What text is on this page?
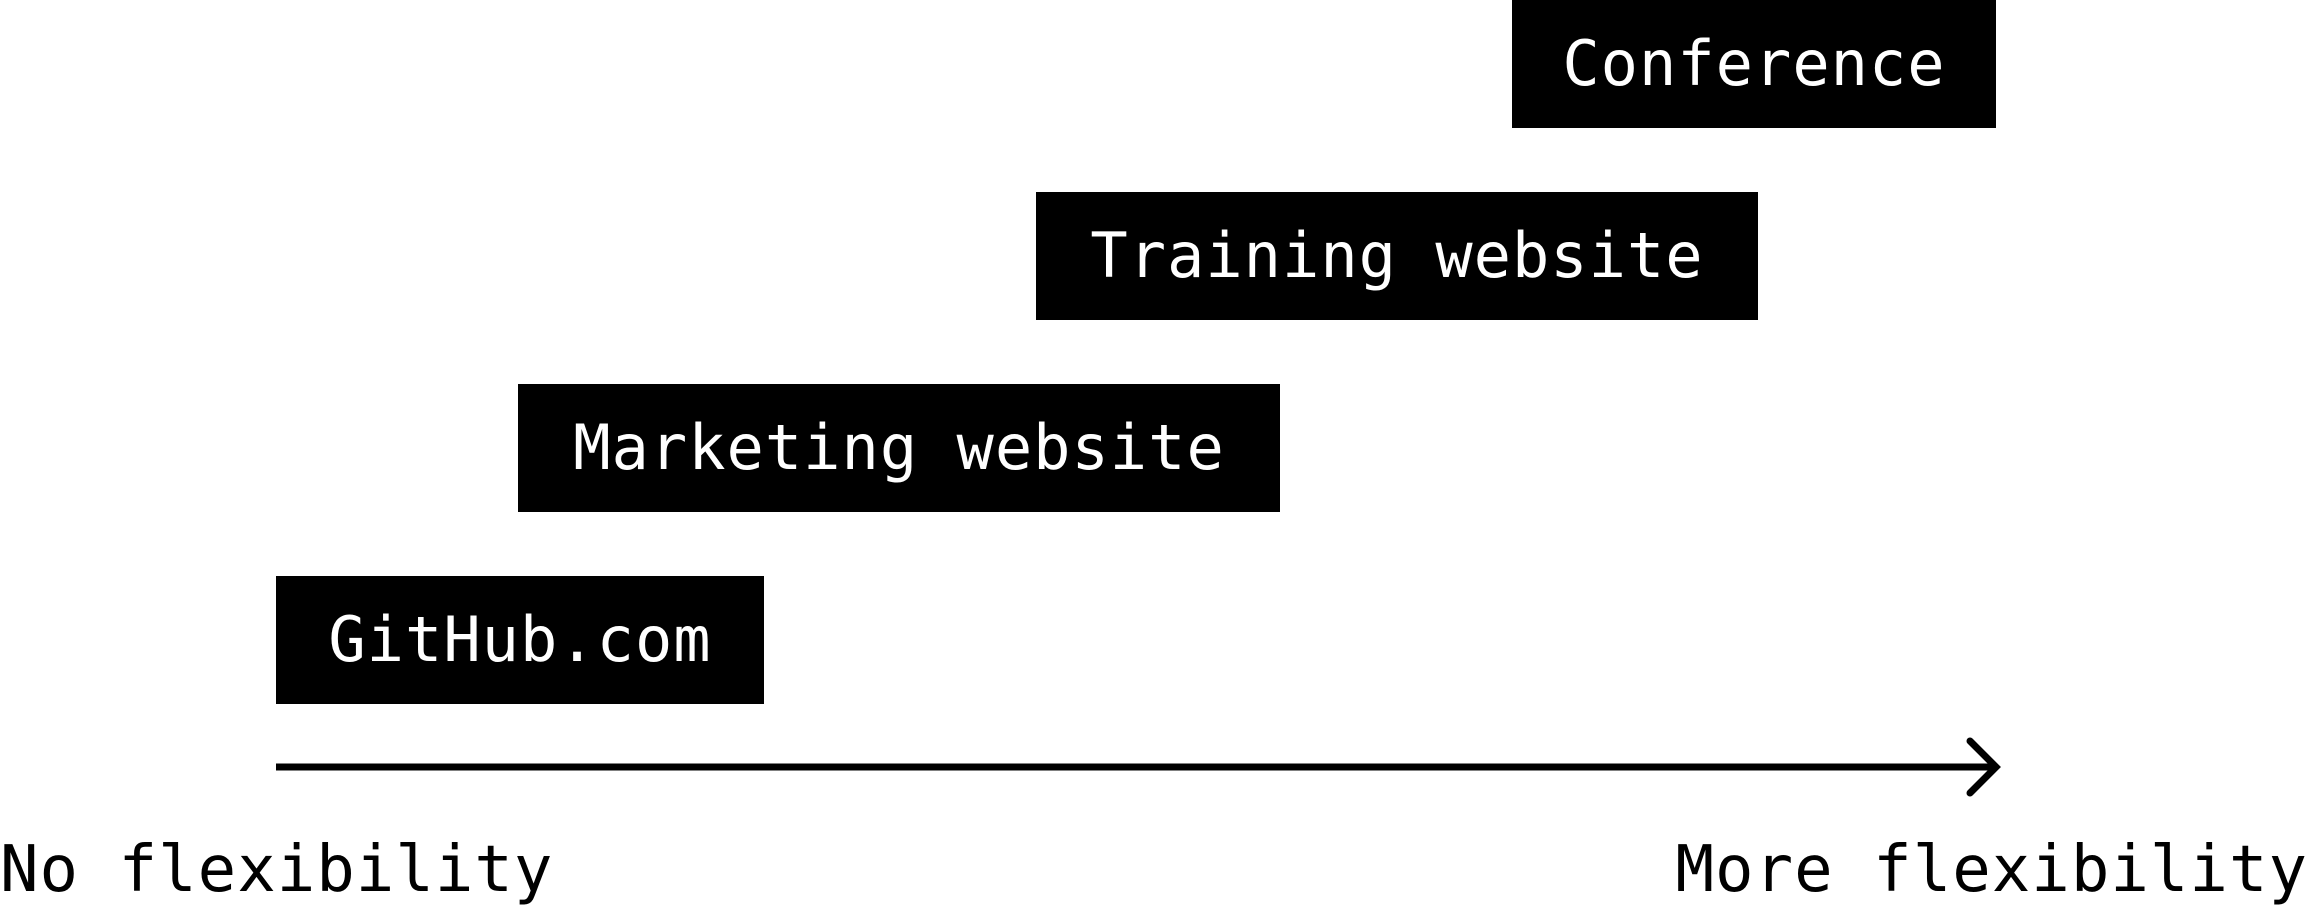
Conference
Training website
Marketing website
GitHub.com
No flexibility	More flexibility
